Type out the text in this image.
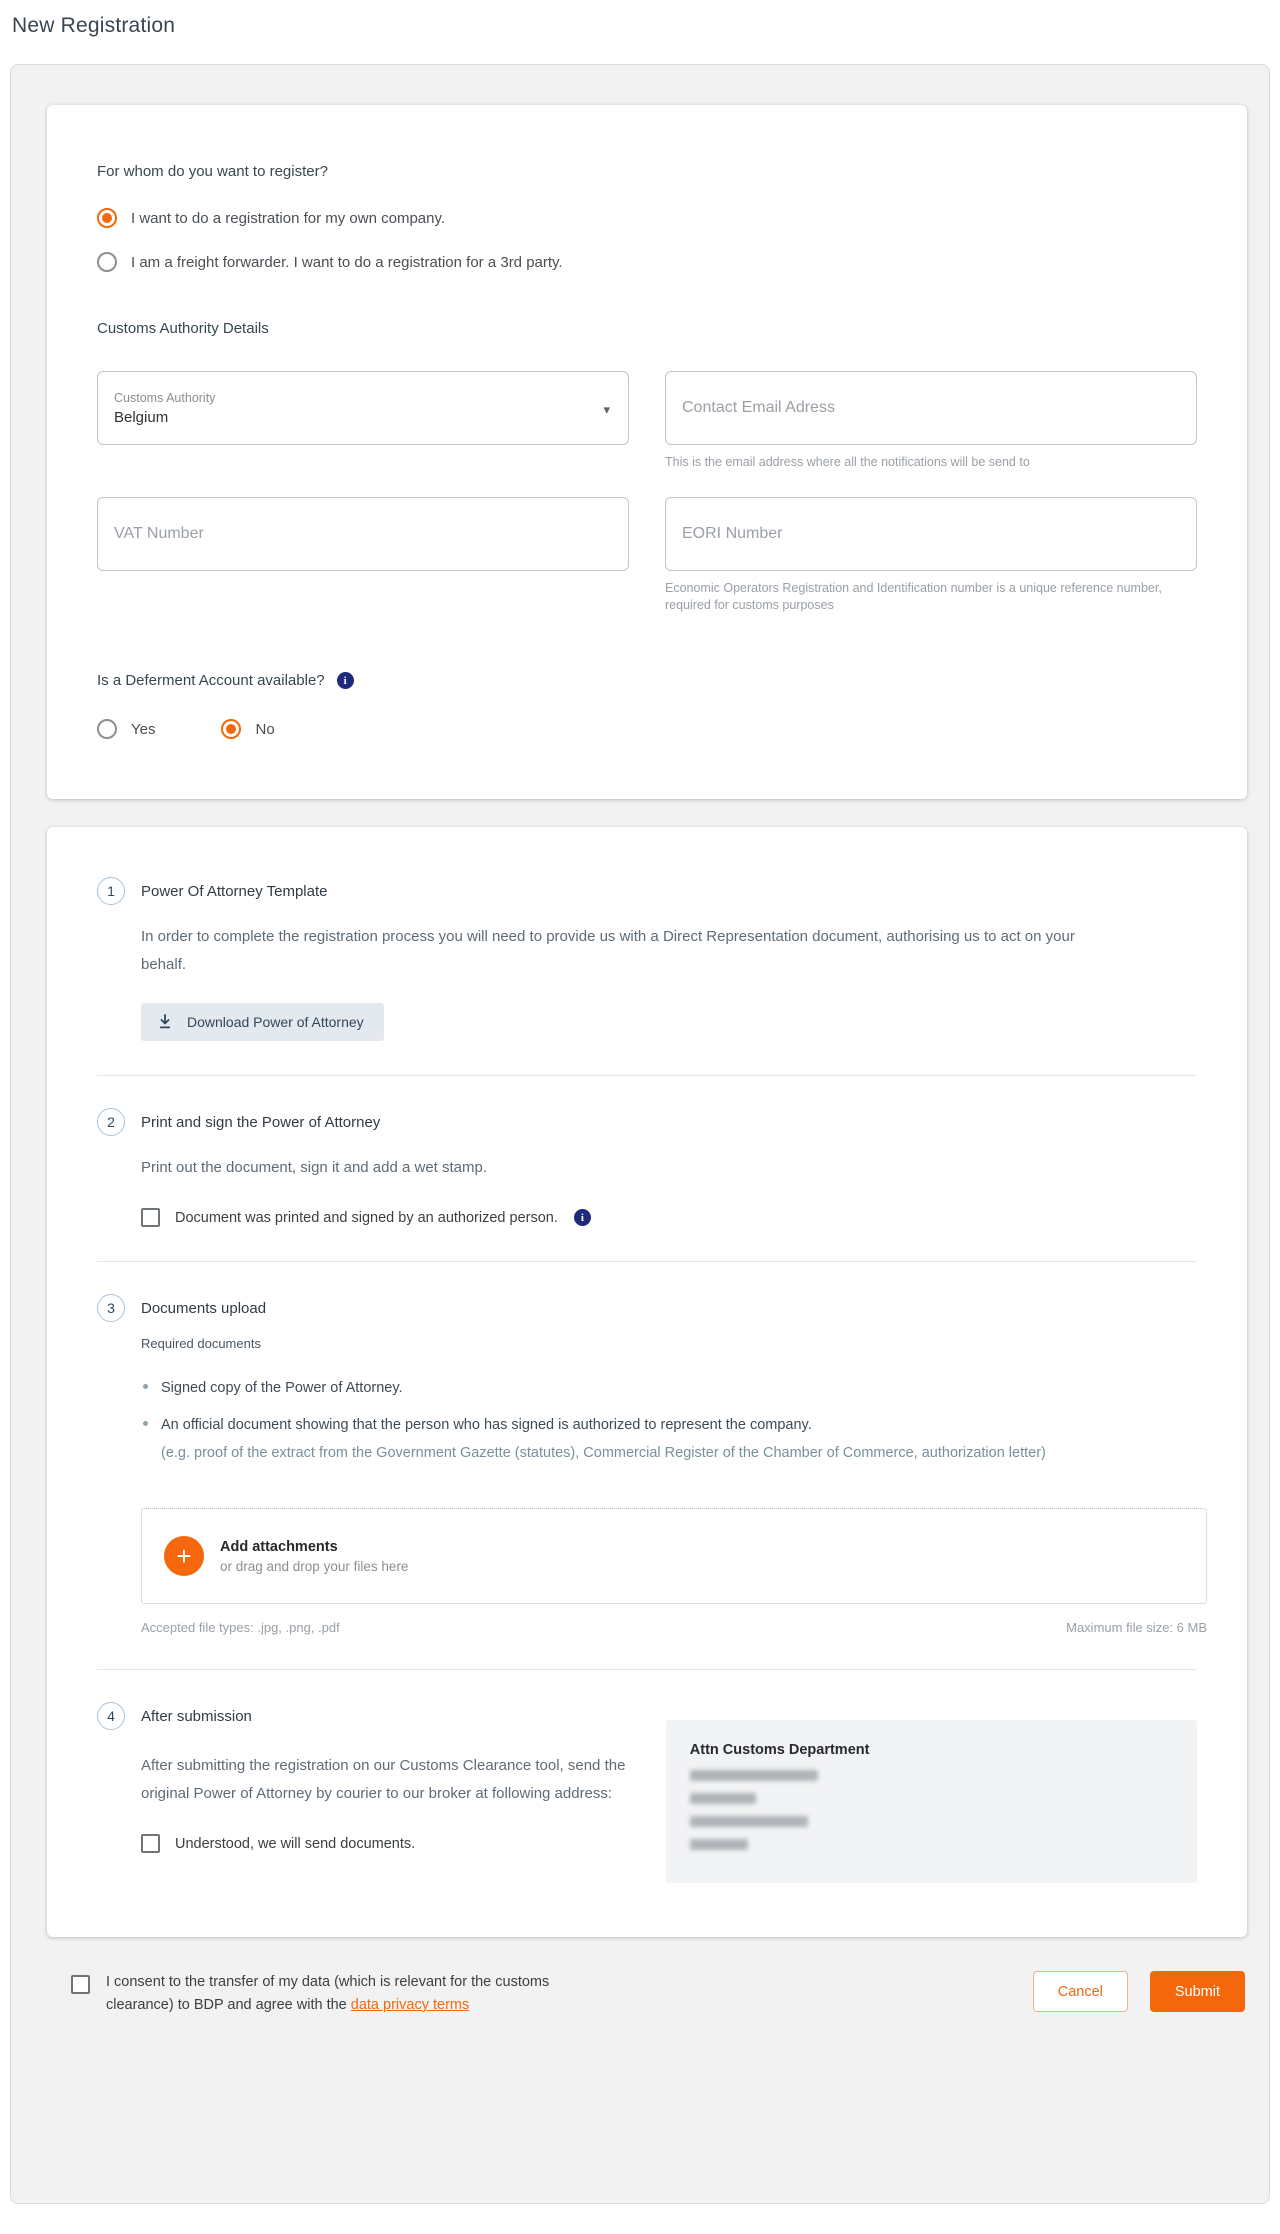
New Registration
For whom do you want to register?
I want to do a registration for my own company.
I am a freight forwarder. I want to do a registration for a 3rd party.
Customs Authority Details
Customs Authority
Belgium	▾
Contact Email Adress
This is the email address where all the notifications will be send to
VAT Number
EORI Number
Economic Operators Registration and Identification number is a unique reference number, required for customs purposes
Is a Deferment Account available?	i
Yes	No
1	Power Of Attorney Template

In order to complete the registration process you will need to provide us with a Direct Representation document, authorising us to act on your behalf.

Download Power of Attorney
2	Print and sign the Power of Attorney

Print out the document, sign it and add a wet stamp.

Document was printed and signed by an authorized person.	i
3	Documents upload
Required documents
Signed copy of the Power of Attorney.
An official document showing that the person who has signed is authorized to represent the company.
(e.g. proof of the extract from the Government Gazette (statutes), Commercial Register of the Chamber of Commerce, authorization letter)
+	Add attachments
or drag and drop your files here
Accepted file types: .jpg, .png, .pdf	Maximum file size: 6 MB
4	After submission

After submitting the registration on our Customs Clearance tool, send the original Power of Attorney by courier to our broker at following address:

Understood, we will send documents.
Attn Customs Department

I consent to the transfer of my data (which is relevant for the customs clearance) to BDP and agree with the data privacy terms

Cancel	Submit
